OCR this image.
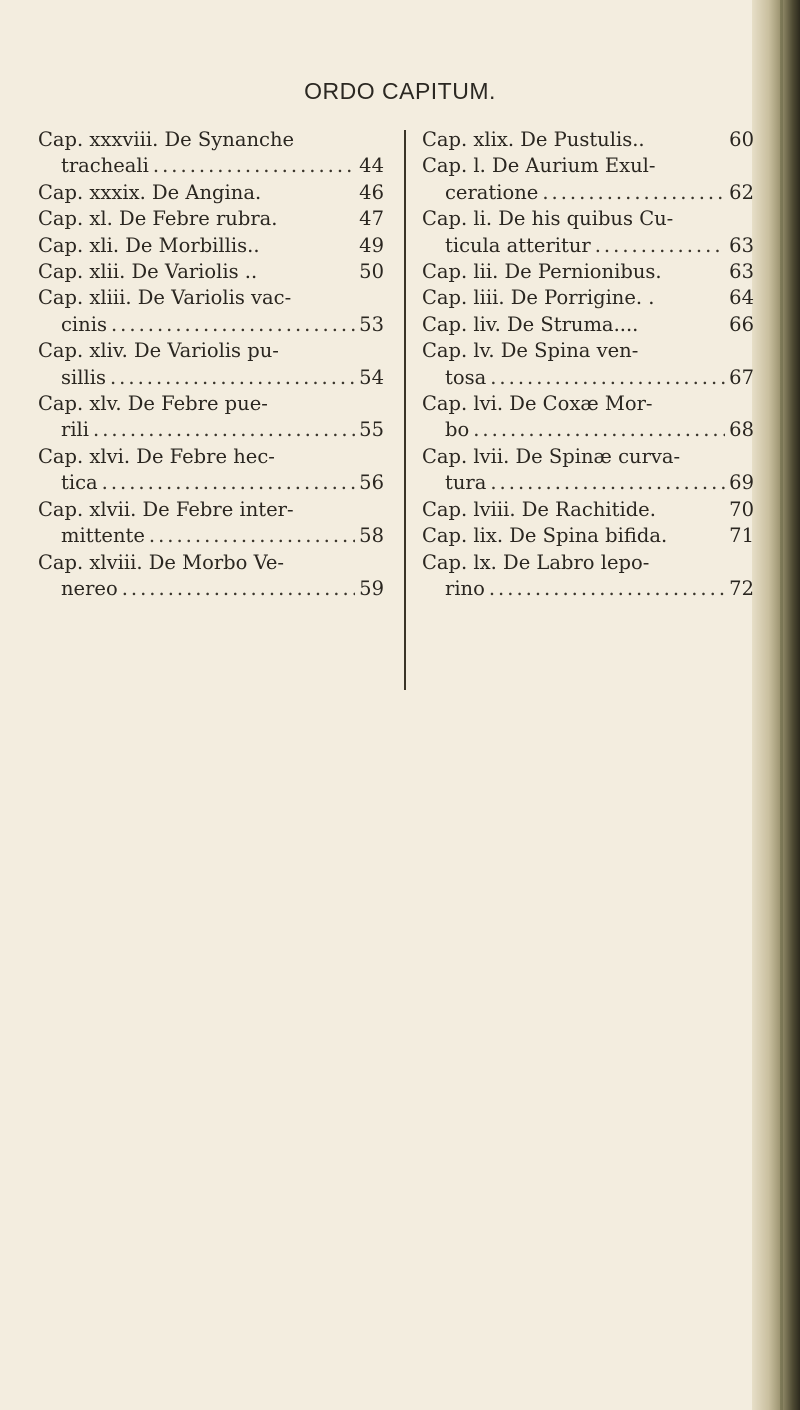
ORDO CAPITUM.
Cap. xxxviii. De Synanche
tracheali .....	44
Cap. xxxix. De Angina.	46
Cap. xl. De Febre rubra.	47
Cap. xli. De Morbillis..	49
Cap. xlii. De Variolis ..	50
Cap. xliii. De Variolis vac-
cinis .....	53
Cap. xliv. De Variolis pu-
sillis .....	54
Cap. xlv. De Febre pue-
rili .....	55
Cap. xlvi. De Febre hec-
tica .....	56
Cap. xlvii. De Febre inter-
mittente .....	58
Cap. xlviii. De Morbo Ve-
nereo .....	59
Cap. xlix. De Pustulis..	60
Cap. l. De Aurium Exul-
ceratione .....	62
Cap. li. De his quibus Cu-
ticula atteritur .....	63
Cap. lii. De Pernionibus.	63
Cap. liii. De Porrigine. .	64
Cap. liv. De Struma....	66
Cap. lv. De Spina ven-
tosa .....	67
Cap. lvi. De Coxæ Mor-
bo .....	68
Cap. lvii. De Spinæ curva-
tura .....	69
Cap. lviii. De Rachitide.	70
Cap. lix. De Spina bifida.	71
Cap. lx. De Labro lepo-
rino .....	72
